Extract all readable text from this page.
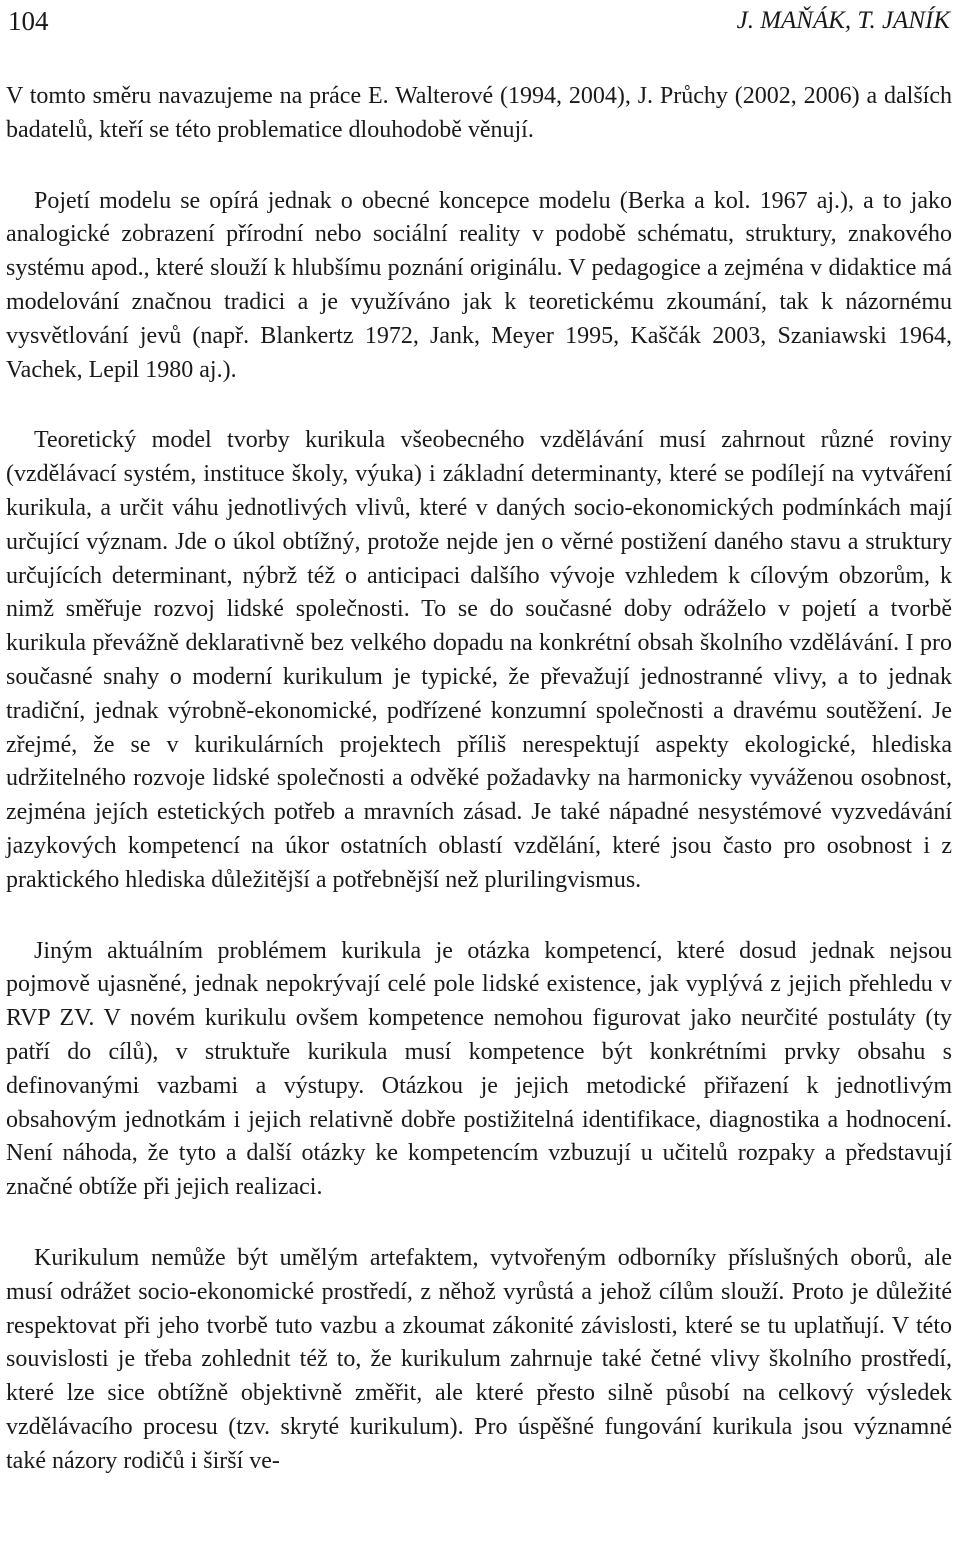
104	J. MAŇÁK, T. JANÍK

V tomto směru navazujeme na práce E. Walterové (1994, 2004), J. Průchy (2002, 2006) a dalších badatelů, kteří se této problematice dlouhodobě věnují.

Pojetí modelu se opírá jednak o obecné koncepce modelu (Berka a kol. 1967 aj.), a to jako analogické zobrazení přírodní nebo sociální reality v podobě schématu, struktury, znakového systému apod., které slouží k hlubšímu poznání originálu. V pedagogice a zejména v didaktice má modelování značnou tradici a je využíváno jak k teoretickému zkoumání, tak k názornému vysvětlování jevů (např. Blankertz 1972, Jank, Meyer 1995, Kaščák 2003, Szaniawski 1964, Vachek, Lepil 1980 aj.).

Teoretický model tvorby kurikula všeobecného vzdělávání musí zahrnout různé roviny (vzdělávací systém, instituce školy, výuka) i základní determinanty, které se podílejí na vytváření kurikula, a určit váhu jednotlivých vlivů, které v daných socio-ekonomických podmínkách mají určující význam. Jde o úkol obtížný, protože nejde jen o věrné postižení daného stavu a struktury určujících determinant, nýbrž též o anticipaci dalšího vývoje vzhledem k cílovým obzorům, k nimž směřuje rozvoj lidské společnosti. To se do současné doby odráželo v pojetí a tvorbě kurikula převážně deklarativně bez velkého dopadu na konkrétní obsah školního vzdělávání. I pro současné snahy o moderní kurikulum je typické, že převažují jednostranné vlivy, a to jednak tradiční, jednak výrobně-ekonomické, podřízené konzumní společnosti a dravému soutěžení. Je zřejmé, že se v kurikulárních projektech příliš nerespektují aspekty ekologické, hlediska udržitelného rozvoje lidské společnosti a odvěké požadavky na harmonicky vyváženou osobnost, zejména jejích estetických potřeb a mravních zásad. Je také nápadné nesystémové vyzvedávání jazykových kompetencí na úkor ostatních oblastí vzdělání, které jsou často pro osobnost i z praktického hlediska důležitější a potřebnější než plurilingvismus.

Jiným aktuálním problémem kurikula je otázka kompetencí, které dosud jednak nejsou pojmově ujasněné, jednak nepokrývají celé pole lidské existence, jak vyplývá z jejich přehledu v RVP ZV. V novém kurikulu ovšem kompetence nemohou figurovat jako neurčité postuláty (ty patří do cílů), v struktuře kurikula musí kompetence být konkrétními prvky obsahu s definovanými vazbami a výstupy. Otázkou je jejich metodické přiřazení k jednotlivým obsahovým jednotkám i jejich relativně dobře postižitelná identifikace, diagnostika a hodnocení. Není náhoda, že tyto a další otázky ke kompetencím vzbuzují u učitelů rozpaky a představují značné obtíže při jejich realizaci.

Kurikulum nemůže být umělým artefaktem, vytvořeným odborníky příslušných oborů, ale musí odrážet socio-ekonomické prostředí, z něhož vyrůstá a jehož cílům slouží. Proto je důležité respektovat při jeho tvorbě tuto vazbu a zkoumat zákonité závislosti, které se tu uplatňují. V této souvislosti je třeba zohlednit též to, že kurikulum zahrnuje také četné vlivy školního prostředí, které lze sice obtížně objektivně změřit, ale které přesto silně působí na celkový výsledek vzdělávacího procesu (tzv. skryté kurikulum). Pro úspěšné fungování kurikula jsou významné také názory rodičů i širší ve-
